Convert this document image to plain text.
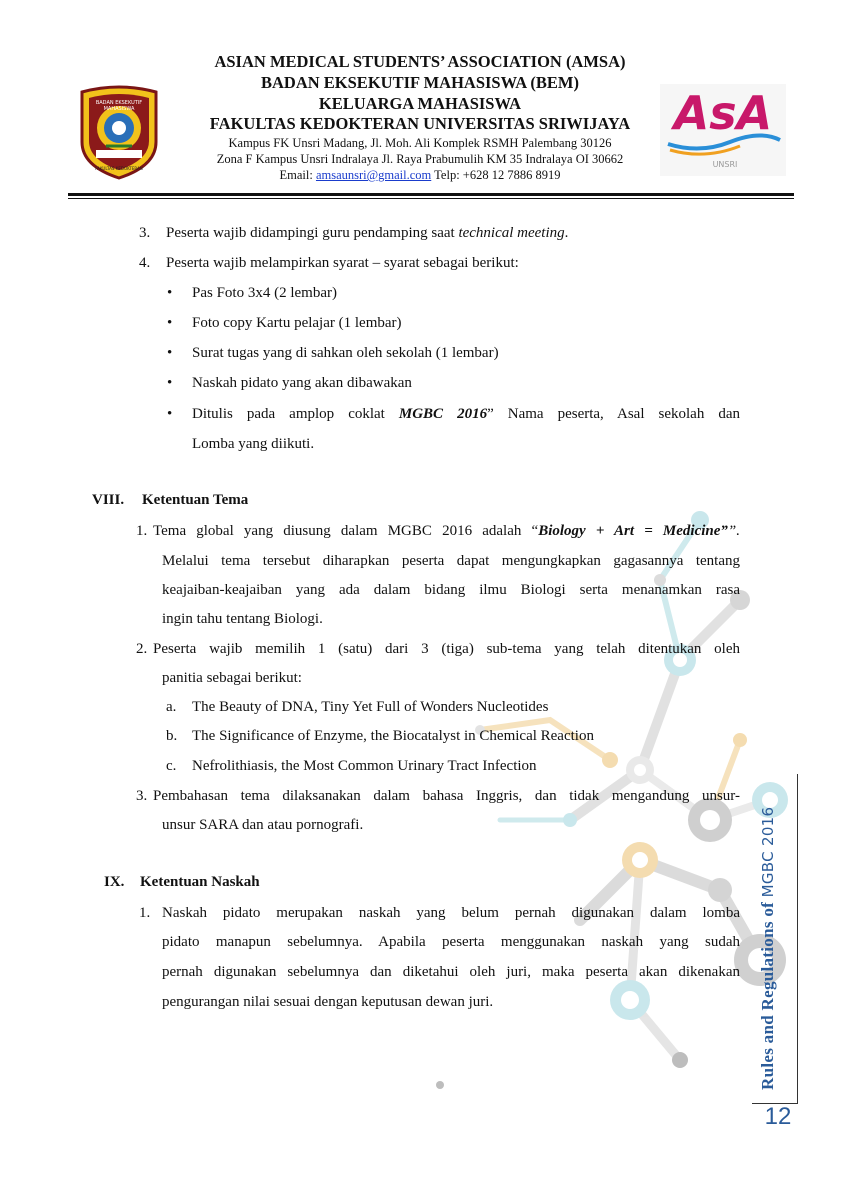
BADAN EKSEKUTIF MAHASISWA
FAKULTAS KEDOKTERAN
AsA
UNSRI
ASIAN MEDICAL STUDENTS’ ASSOCIATION (AMSA)
BADAN EKSEKUTIF MAHASISWA (BEM)
KELUARGA MAHASISWA
FAKULTAS KEDOKTERAN UNIVERSITAS SRIWIJAYA
Kampus FK Unsri Madang, Jl. Moh. Ali Komplek RSMH Palembang 30126
Zona F Kampus Unsri Indralaya Jl. Raya Prabumulih KM 35 Indralaya OI 30662
Email: amsaunsri@gmail.com Telp: +628 12 7886 8919
3. Peserta wajib didampingi guru pendamping saat technical meeting.
4. Peserta wajib melampirkan syarat – syarat sebagai berikut:
• Pas Foto 3x4 (2 lembar)
• Foto copy Kartu pelajar (1 lembar)
• Surat tugas yang di sahkan oleh sekolah (1 lembar)
• Naskah pidato yang akan dibawakan
• Ditulis pada amplop coklat MGBC 2016” Nama peserta, Asal sekolah dan
Lomba yang diikuti.
VIII. Ketentuan Tema
1. Tema global yang diusung dalam MGBC 2016 adalah “Biology + Art = Medicine””.
Melalui tema tersebut diharapkan peserta dapat mengungkapkan gagasannya tentang
keajaiban-keajaiban yang ada dalam bidang ilmu Biologi serta menanamkan rasa
ingin tahu tentang Biologi.
2. Peserta wajib memilih 1 (satu) dari 3 (tiga) sub-tema yang telah ditentukan oleh
panitia sebagai berikut:
a. The Beauty of DNA, Tiny Yet Full of Wonders Nucleotides
b. The Significance of Enzyme, the Biocatalyst in Chemical Reaction
c. Nefrolithiasis, the Most Common Urinary Tract Infection
3. Pembahasan tema dilaksanakan dalam bahasa Inggris, dan tidak mengandung unsur-
unsur SARA dan atau pornografi.
IX. Ketentuan Naskah
1. Naskah pidato merupakan naskah yang belum pernah digunakan dalam lomba
pidato manapun sebelumnya. Apabila peserta menggunakan naskah yang sudah
pernah digunakan sebelumnya dan diketahui oleh juri, maka peserta akan dikenakan
pengurangan nilai sesuai dengan keputusan dewan juri.	Rules and Regulations of MGBC 2016
12
